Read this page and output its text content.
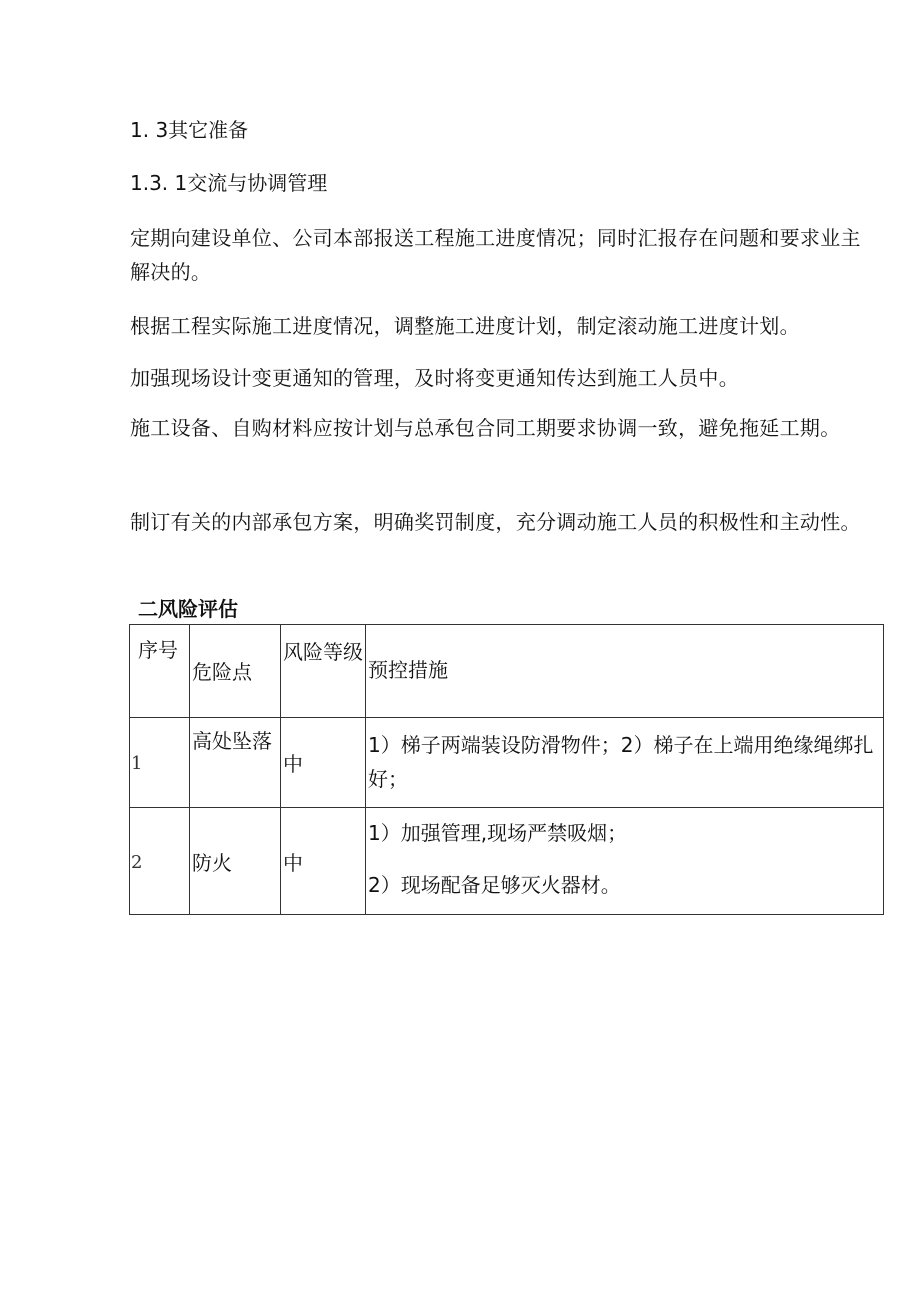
1. 3其它准备
1.3. 1交流与协调管理
定期向建设单位、公司本部报送工程施工进度情况；同时汇报存在问题和要求业主解决的。
根据工程实际施工进度情况，调整施工进度计划，制定滚动施工进度计划。
加强现场设计变更通知的管理，及时将变更通知传达到施工人员中。
施工设备、自购材料应按计划与总承包合同工期要求协调一致，避免拖延工期。
制订有关的内部承包方案，明确奖罚制度，充分调动施工人员的积极性和主动性。
二风险评估
序号	危险点	风险等级	预控措施

1	高处坠落	中	1）梯子两端装设防滑物件；2）梯子在上端用绝缘绳绑扎好；

2	防火	中	1）加强管理,现场严禁吸烟；
2）现场配备足够灭火器材。
